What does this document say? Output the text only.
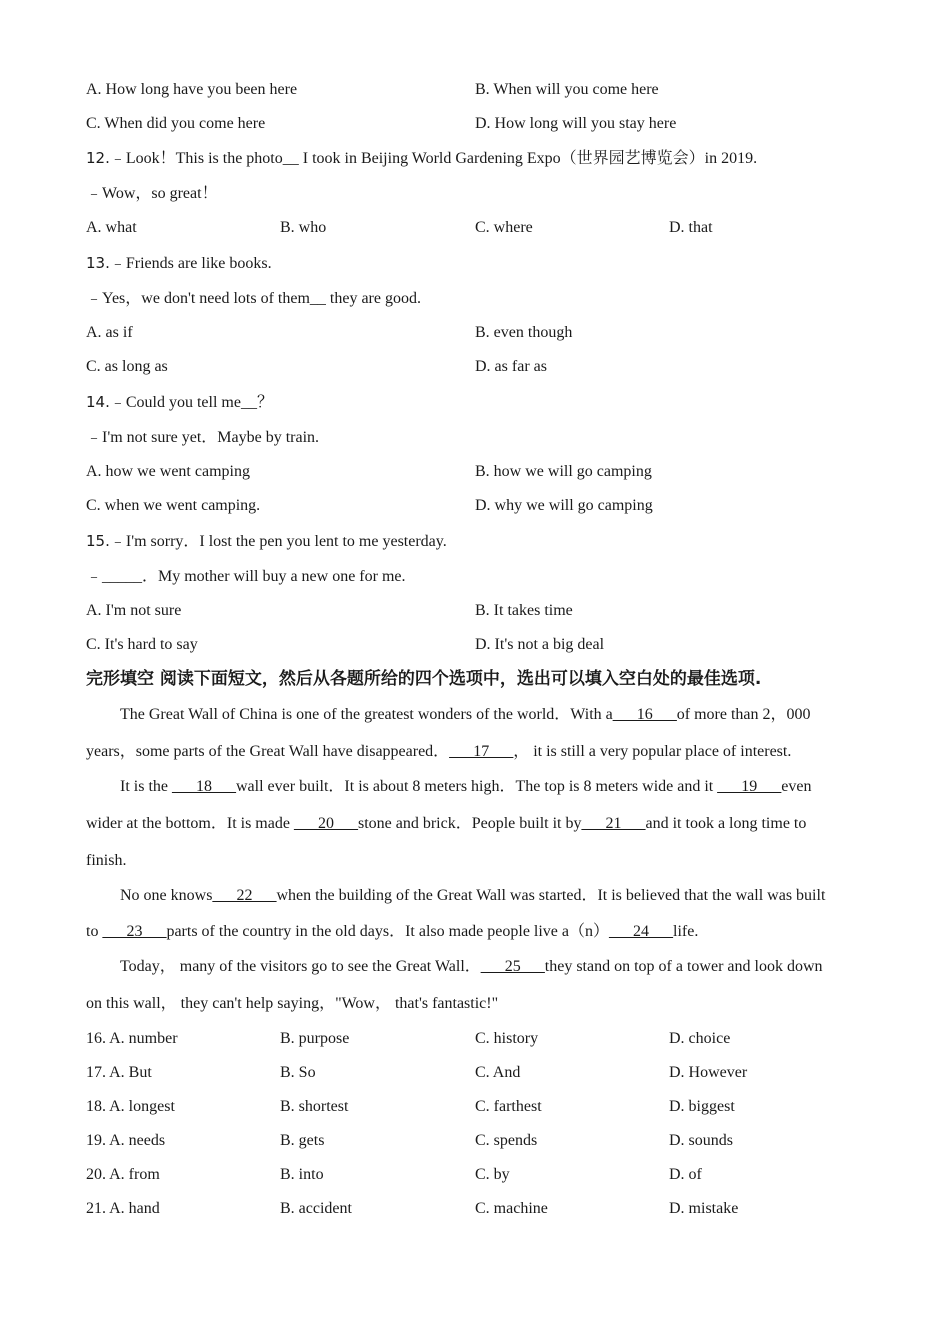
A. How long have you been here	B. When will you come here
C. When did you come here	D. How long will you stay here
12.﹣Look！This is the photo__ I took in Beijing World Gardening Expo（世界园艺博览会）in 2019.
﹣Wow，so great！
A. what	B. who	C. where	D. that
13.﹣Friends are like books.
﹣Yes，we don't need lots of them__ they are good.
A. as if	B. even though
C. as long as	D. as far as
14.﹣Could you tell me__？
﹣I'm not sure yet．Maybe by train.
A. how we went camping	B. how we will go camping
C. when we went camping.	D. why we will go camping
15.﹣I'm sorry．I lost the pen you lent to me yesterday.
﹣_____．My mother will buy a new one for me.
A. I'm not sure	B. It takes time
C. It's hard to say	D. It's not a big deal
完形填空 阅读下面短文，然后从各题所给的四个选项中，选出可以填入空白处的最佳选项.
The Great Wall of China is one of the greatest wonders of the world．With a___16___of more than 2，000
years，some parts of the Great Wall have disappeared．___17___， it is still a very popular place of interest.
It is the ___18___wall ever built．It is about 8 meters high．The top is 8 meters wide and it ___19___even
wider at the bottom．It is made ___20___stone and brick．People built it by___21___and it took a long time to
finish.
No one knows___22___when the building of the Great Wall was started．It is believed that the wall was built
to ___23___parts of the country in the old days．It also made people live a（n）___24___life.
Today， many of the visitors go to see the Great Wall．___25___they stand on top of a tower and look down
on this wall， they can't help saying，"Wow， that's fantastic!"
16. A. number	B. purpose	C. history	D. choice
17. A. But	B. So	C. And	D. However
18. A. longest	B. shortest	C. farthest	D. biggest
19. A. needs	B. gets	C. spends	D. sounds
20. A. from	B. into	C. by	D. of
21. A. hand	B. accident	C. machine	D. mistake
